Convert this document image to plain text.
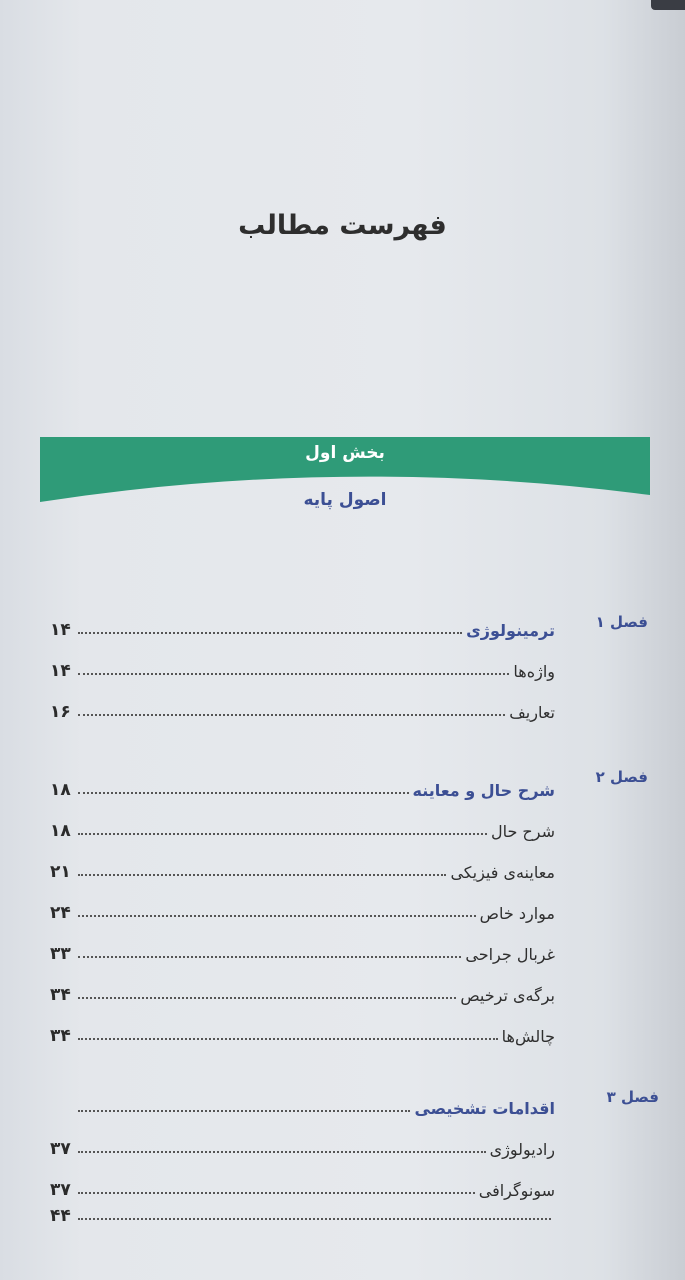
فهرست مطالب
بخش اول
اصول پایه
فصل ۱
ترمینولوژی
۱۴
واژه‌ها
۱۴
تعاریف
۱۶
فصل ۲
شرح حال و معاینه
۱۸
شرح حال
۱۸
معاینه‌ی فیزیکی
۲۱
موارد خاص
۲۴
غربال جراحی
۳۳
برگه‌ی ترخیص
۳۴
چالش‌ها
۳۴
فصل ۳
اقدامات تشخیصی
رادیولوژی
۳۷
سونوگرافی
۳۷
۴۴
